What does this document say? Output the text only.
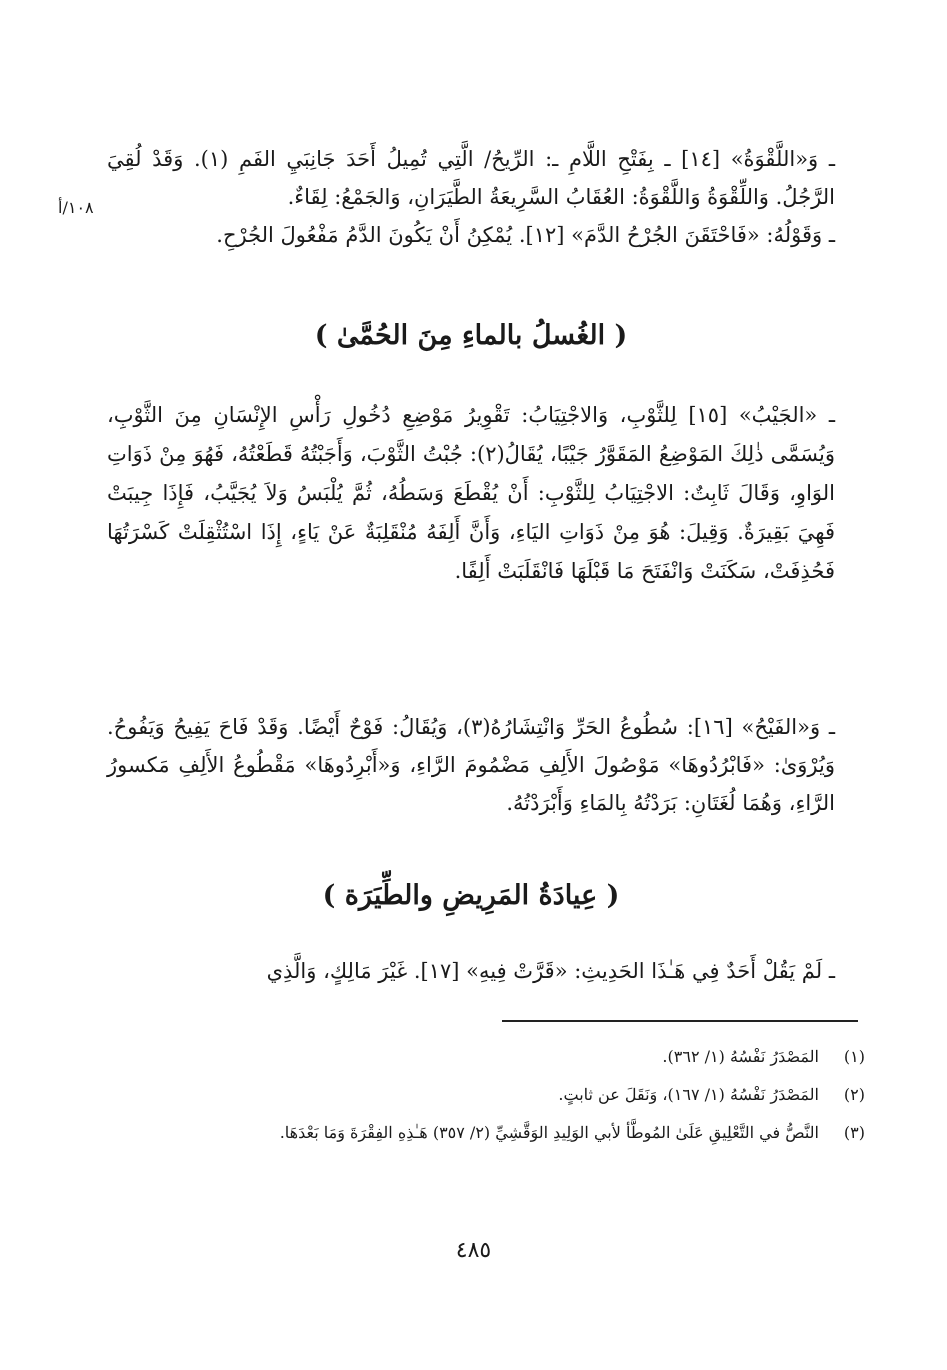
١٠٨/أ

ـ وَ«اللَّقْوَةُ» [١٤] ـ بِفَتْحِ اللَّامِ ـ: الرِّيحُ/ الَّتِي تُمِيلُ أَحَدَ جَانِبَيِ الفَمِ (١). وَقَدْ لُقِيَ الرَّجُلُ. وَاللِّقْوَةُ وَاللَّقْوَةُ: العُقَابُ السَّرِيعَةُ الطَّيَرَانِ، وَالجَمْعُ: لِقَاءٌ.

ـ وَقَوْلُهُ: «فَاحْتَقَنَ الجُرْحُ الدَّمَ» [١٢]. يُمْكِنُ أَنْ يَكُونَ الدَّمُ مَفْعُولَ الجُرْحِ.

( الغُسلُ بالماءِ مِنَ الحُمَّىٰ )

ـ «الجَيْبُ» [١٥] لِلثَّوْبِ، وَالاجْتِيَابُ: تَقْوِيرُ مَوْضِعِ دُخُولِ رَأْسِ الإِنْسَانِ مِنَ الثَّوْبِ، وَيُسَمَّى ذٰلِكَ المَوْضِعُ المَقَوَّرُ جَيْبًا، يُقَالُ(٢): جُبْتُ الثَّوْبَ، وَأَجَبْتُهُ قَطَعْتُهُ، فَهُوَ مِنْ ذَوَاتِ الوَاوِ، وَقَالَ ثَابِتٌ: الاجْتِيَابُ لِلثَّوْبِ: أَنْ يُقْطَعَ وَسَطُهُ، ثُمَّ يُلْبَسُ وَلاَ يُجَيَّبُ، فَإِذَا جِيبَتْ فَهِيَ بَقِيرَةٌ. وَقِيلَ: هُوَ مِنْ ذَوَاتِ اليَاءِ، وَأَنَّ أَلِفَهُ مُنْقَلِبَةٌ عَنْ يَاءٍ، إِذَا اسْتُثْقِلَتْ كَسْرَتُهَا فَحُذِفَتْ، سَكَنَتْ وَانْفَتَحَ مَا قَبْلَهَا فَانْقَلَبَتْ أَلِفًا.

ـ وَ«الفَيْحُ» [١٦]: سُطُوعُ الحَرِّ وَانْتِشَارُهُ(٣)، وَيُقَالُ: فَوْحٌ أَيْضًا. وَقَدْ فَاحَ يَفِيحُ وَيَفُوحُ. وَيُرْوَىٰ: «فَابْرُدُوهَا» مَوْصُولَ الأَلِفِ مَضْمُومَ الرَّاءِ، وَ«أَبْرِدُوهَا» مَقْطُوعُ الأَلِفِ مَكسورُ الرَّاءِ، وَهُمَا لُغَتَانِ: بَرَدْتُهُ بِالمَاءِ وَأَبْرَدْتُهُ.

( عِيادَةُ المَرِيضِ والطِّيَرَة )

ـ لَمْ يَقُلْ أَحَدٌ فِي هَـٰذَا الحَدِيثِ: «قَرَّتْ فِيهِ» [١٧]. غَيْرَ مَالِكٍ، وَالَّذِي

(١)
المَصْدَرُ نَفْسُهُ (١/ ٣٦٢).
(٢)
المَصْدَرُ نَفْسُهُ (١/ ١٦٧)، وَنَقَلَ عن ثابتٍ.
(٣)
النَّصُّ في التَّعْلِيقِ عَلَىٰ المُوطَّأ لأبي الوَلِيدِ الوَقَّشِيِّ (٢/ ٣٥٧) هَـٰذِهِ الفِقْرَةَ وَمَا بَعْدَهَا.
٤٨٥
